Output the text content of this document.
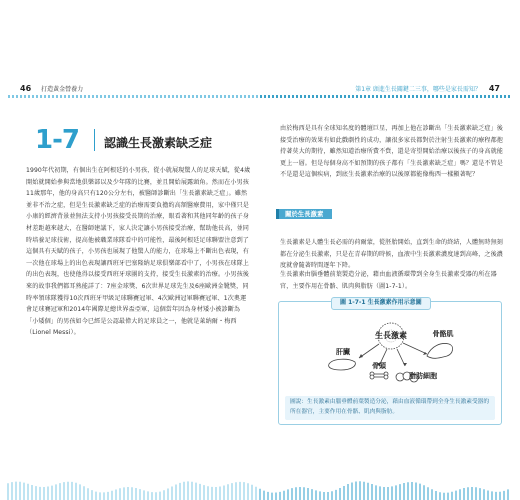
46 打造黃金營養力
1-7 認識生長激素缺乏症
1990年代初期，有個出生在阿根廷的小男孩，從小就展現驚人的足球天賦，從4歲開始就開始參與當地俱樂部以及少年隊的比賽，並且開始展露頭角。然而在小男孩11歲那年，他的身高只有120公分左右，被醫師診斷出「生長激素缺乏症」。雖然並非不治之症，但是生長激素缺乏症的治療需要負擔約高額醫療費用，家中僅只是小康的經濟背景並無法支持小男孩接受長期的治療，眼看著和其他同年齡的孩子身材差距越來越大，在醫師建議下，家人決定讓小男孩接受治療，幫助他長高，並同時培養足球技術，提高他被職業球隊看中的可能性，最後阿根廷足球聯盟注意到了這個具有天賦的孩子，小男孩也展現了他驚人的能力，在球場上不斷出色表現，有一次他在球場上的出色表現讓西班牙巴塞隆納足球俱樂部看中了，小男孩在球隊上的出色表現，也使他得以接受西班牙球團的支持，接受生長激素的治療。小男孩後來的故事我們都耳熟能詳了：7座金球獎、6次世界足球先生及6座歐洲金靴獎，同時率領球隊獲得10次西班牙甲級足球聯賽冠軍、4次歐洲冠軍聯賽冠軍、1次奧運會足球賽冠軍和2014年國際足總世界盃亞軍，這個當年因為身材矮小被診斷為「小矮個」的男孩如今已經是公認最偉大的足球員之一，他就是萊納爾・梅西（Lionel Messi）。
第1章 頭進生長關鍵二三事，哪些是家長需知？ 47
由於梅西是具有全球知名度的體壇巨星，再加上他在診斷出「生長激素缺乏症」後接受治療的效果有如此戲劇性的成功，讓很多家長都對於注射生長激素的療程都抱持著莫大的期待，雖然知道治療所費不貲，還是寄望開始治療以後孩子的身高就能更上一層。但是每個身高不如預期的孩子都有「生長激素缺乏症」嗎？還是不管是不是還是這個疾病，到底生長激素治療的以後原都能像梅西一樣顯著呢？
關於生長激素
生長激素是人體生長必需的荷爾蒙，從胚胎開始，直到生命的終結，人體無時無刻都在分泌生長激素，只是在青春期的時候，血液中生長激素濃度達到高峰，之後濃度就會隨著時間逐年下降。
生長激素由腦垂體前葉製造分泌，藉由血液循環帶到全身生長激素受器的所在器官，主要作用在骨骼、肌肉與脂肪（圖1-7-1）。
圖 1-7-1 生長激素作用示意圖
生長激素
肝臟
骨頭
脂肪細胞
骨骼肌
圖說：生長激素由腦垂體前葉製造分泌，藉由血液循環帶到全身生長激素受器的所在器官，主要作用在骨骼、肌肉與脂肪。
